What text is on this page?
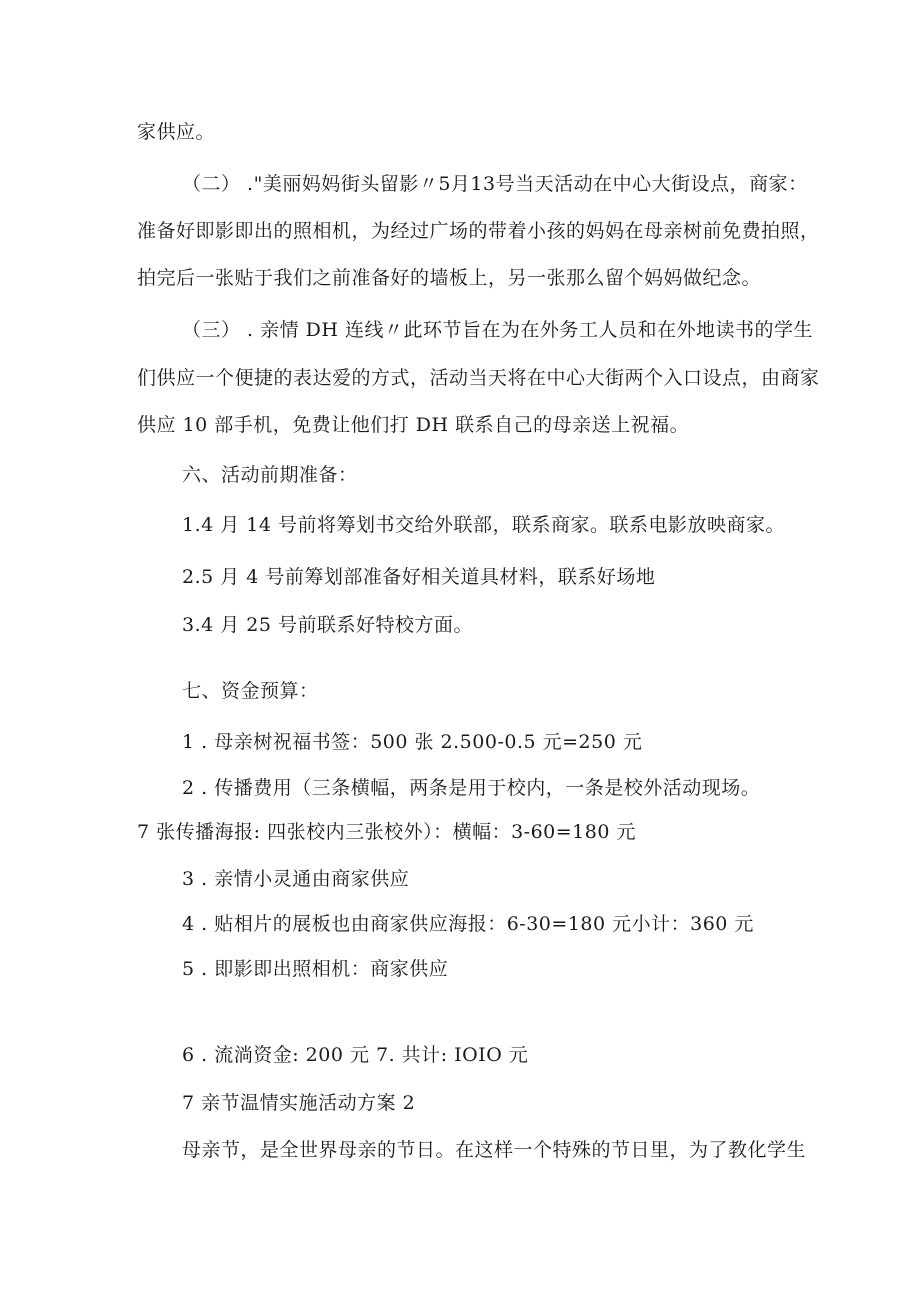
家供应。
（二） ."美丽妈妈街头留影〃5月13号当天活动在中心大街设点，商家：
准备好即影即出的照相机，为经过广场的带着小孩的妈妈在母亲树前免费拍照，
拍完后一张贴于我们之前准备好的墙板上，另一张那么留个妈妈做纪念。
（三） . 亲情 DH 连线〃此环节旨在为在外务工人员和在外地读书的学生
们供应一个便捷的表达爱的方式，活动当天将在中心大街两个入口设点，由商家
供应 10 部手机，免费让他们打 DH 联系自己的母亲送上祝福。
六、活动前期准备：
1.4 月 14 号前将筹划书交给外联部，联系商家。联系电影放映商家。
2.5 月 4 号前筹划部准备好相关道具材料，联系好场地
3.4 月 25 号前联系好特校方面。
七、资金预算：
1 . 母亲树祝福书签：500 张 2.500-0.5 元=250 元
2 . 传播费用（三条横幅，两条是用于校内，一条是校外活动现场。
7 张传播海报: 四张校内三张校外）：横幅：3-60=180 元
3 . 亲情小灵通由商家供应
4 . 贴相片的展板也由商家供应海报：6-30=180 元小计：360 元
5 . 即影即出照相机：商家供应
6 . 流淌资金: 200 元 7. 共计: IOIO 元
7 亲节温情实施活动方案 2
母亲节，是全世界母亲的节日。在这样一个特殊的节日里，为了教化学生
